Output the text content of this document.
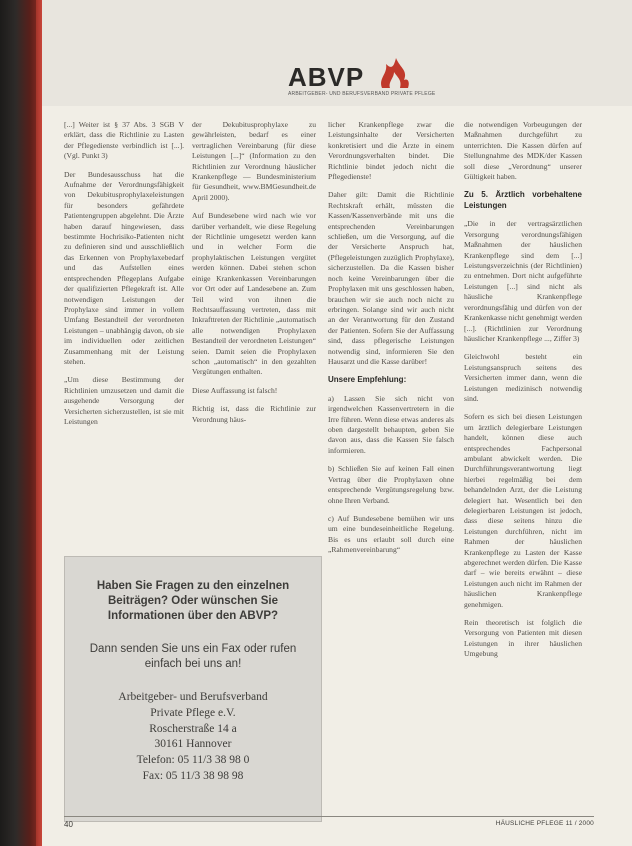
ABVP
ARBEITGEBER- UND BERUFSVERBAND PRIVATE PFLEGE

[...] Weiter ist § 37 Abs. 3 SGB V erklärt, dass die Richtlinie zu Lasten der Pflegedienste verbindlich ist [...]. (Vgl. Punkt 3)

Der Bundesausschuss hat die Aufnahme der Verordnungsfähigkeit von Dekubitusprophylaxeleistungen für besonders gefährdete Patientengruppen abgelehnt. Die Ärzte haben darauf hingewiesen, dass bestimmte Hochrisiko-Patienten nicht zu definieren sind und ausschließlich das Erkennen von Prophylaxebedarf und das Aufstellen eines entsprechenden Pflegeplans Aufgabe der qualifizierten Pflegekraft ist. Alle notwendigen Leistungen der Prophylaxe sind immer in vollem Umfang Bestandteil der verordneten Leistungen – unabhängig davon, ob sie im individuellen oder zeitlichen Zusammenhang mit der Leistung stehen.

„Um diese Bestimmung der Richtlinien umzusetzen und damit die ausgehende Versorgung der Versicherten sicherzustellen, ist sie mit Leistungen

der Dekubitusprophylaxe zu gewährleisten, bedarf es einer vertraglichen Vereinbarung (für diese Leistungen [...]“ (Information zu den Richtlinien zur Verordnung häuslicher Krankenpflege — Bundesministerium für Gesundheit, www.BMGesundheit.de April 2000).

Auf Bundesebene wird nach wie vor darüber verhandelt, wie diese Regelung der Richtlinie umgesetzt werden kann und in welcher Form die prophylaktischen Leistungen vergütet werden können. Dabei stehen schon einige Krankenkassen Vereinbarungen vor Ort oder auf Landesebene an. Zum Teil wird von ihnen die Rechtsauffassung vertreten, dass mit Inkrafttreten der Richtlinie „automatisch alle notwendigen Prophylaxen Bestandteil der verordneten Leistungen“ seien. Damit seien die Prophylaxen schon „automatisch“ in den gezahlten Vergütungen enthalten.

Diese Auffassung ist falsch!

Richtig ist, dass die Richtlinie zur Verordnung häus-

licher Krankenpflege zwar die Leistungsinhalte der Versicherten konkretisiert und die Ärzte in einem Verordnungsverhalten bindet. Die Richtlinie bindet jedoch nicht die Pflegedienste!

Daher gilt: Damit die Richtlinie Rechtskraft erhält, müssten die Kassen/Kassenverbände mit uns die entsprechenden Vereinbarungen schließen, um die Versorgung, auf die der Versicherte Anspruch hat, (Pflegeleistungen zuzüglich Prophylaxe), sicherzustellen. Da die Kassen bisher noch keine Vereinbarungen über die Prophylaxen mit uns geschlossen haben, brauchen wir sie auch noch nicht zu erbringen. Solange sind wir auch nicht an der Verantwortung für den Zustand der Patienten. Sofern Sie der Auffassung sind, dass pflegerische Leistungen notwendig sind, informieren Sie den Hausarzt und die Kasse darüber!

Unsere Empfehlung:

a) Lassen Sie sich nicht von irgendwelchen Kassenvertretern in die Irre führen. Wenn diese etwas anderes als oben dargestellt behaupten, geben Sie davon aus, dass die Kassen Sie falsch informieren.

b) Schließen Sie auf keinen Fall einen Vertrag über die Prophylaxen ohne entsprechende Vergütungsregelung bzw. ohne Ihren Verband.

c) Auf Bundesebene bemühen wir uns um eine bundeseinheitliche Regelung. Bis es uns erlaubt soll durch eine „Rahmenvereinbarung“

die notwendigen Vorbeugungen der Maßnahmen durchgeführt zu unterrichten. Die Kassen dürfen auf Stellungnahme des MDK/der Kassen soll diese „Verordnung“ unserer Gültigkeit haben.

Zu 5. Ärztlich vorbehaltene Leistungen

„Die in der vertragsärztlichen Versorgung verordnungsfähigen Maßnahmen der häuslichen Krankenpflege sind dem [...] Leistungsverzeichnis (der Richtlinien) zu entnehmen. Dort nicht aufgeführte Leistungen [...] sind nicht als häusliche Krankenpflege verordnungsfähig und dürfen von der Krankenkasse nicht genehmigt werden [...]. (Richtlinien zur Verordnung häuslicher Krankenpflege ..., Ziffer 3)

Gleichwohl besteht ein Leistungsanspruch seitens des Versicherten immer dann, wenn die Leistungen medizinisch notwendig sind.

Sofern es sich bei diesen Leistungen um ärztlich delegierbare Leistungen handelt, können diese auch entsprechendes Fachpersonal ambulant abwickelt werden. Die Durchführungsverantwortung liegt hierbei regelmäßig bei dem behandelnden Arzt, der die Leistung delegiert hat. Wesentlich bei den delegierbaren Leistungen ist jedoch, dass diese seitens hinzu die Leistungen durchführen, nicht im Rahmen der häuslichen Krankenpflege zu Lasten der Kasse abgerechnet werden dürfen. Die Kasse darf – wie bereits erwähnt – diese Leistungen auch nicht im Rahmen der häuslichen Krankenpflege genehmigen.

Rein theoretisch ist folglich die Versorgung von Patienten mit diesen Leistungen in ihrer häuslichen Umgebung

Haben Sie Fragen zu den einzelnen Beiträgen? Oder wünschen Sie Informationen über den ABVP?
Dann senden Sie uns ein Fax oder rufen einfach bei uns an!
Arbeitgeber- und Berufsverband
Private Pflege e.V.
Roscherstraße 14 a
30161 Hannover
Telefon: 05 11/3 38 98 0
Fax: 05 11/3 38 98 98
40	HÄUSLICHE PFLEGE 11 / 2000
